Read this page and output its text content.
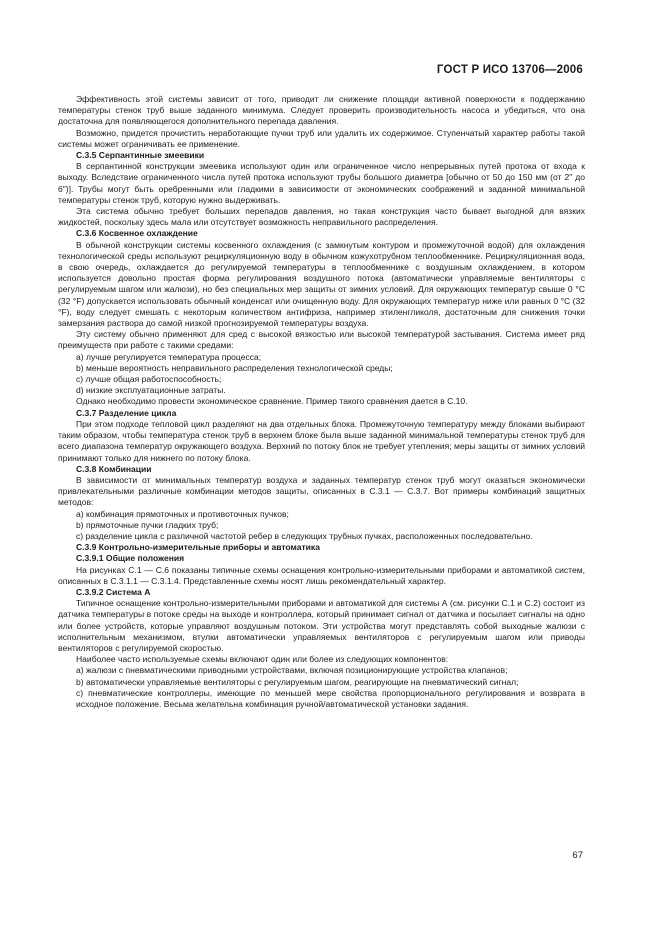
ГОСТ Р ИСО 13706—2006

Эффективность этой системы зависит от того, приводит ли снижение площади активной поверхности к поддержанию температуры стенок труб выше заданного минимума. Следует проверить производительность насоса и убедиться, что она достаточна для появляющегося дополнительного перепада давления.

Возможно, придется прочистить неработающие пучки труб или удалить их содержимое. Ступенчатый характер работы такой системы может ограничивать ее применение.

С.3.5 Серпантинные змеевики

В серпантинной конструкции змеевика используют один или ограниченное число непрерывных путей протока от входа к выходу. Вследствие ограниченного числа путей протока используют трубы большого диаметра [обычно от 50 до 150 мм (от 2" до 6")]. Трубы могут быть оребренными или гладкими в зависимости от экономических соображений и заданной минимальной температуры стенок труб, которую нужно выдерживать.

Эта система обычно требует больших перепадов давления, но такая конструкция часто бывает выгодной для вязких жидкостей, поскольку здесь мала или отсутствует возможность неправильного распределения.

С.3.6 Косвенное охлаждение

В обычной конструкции системы косвенного охлаждения (с замкнутым контуром и промежуточной водой) для охлаждения технологической среды используют рециркуляционную воду в обычном кожухотрубном теплообменнике. Рециркуляционная вода, в свою очередь, охлаждается до регулируемой температуры в теплообменнике с воздушным охлаждением, в котором используется довольно простая форма регулирования воздушного потока (автоматически управляемые вентиляторы с регулируемым шагом или жалюзи), но без специальных мер защиты от зимних условий. Для окружающих температур свыше 0 °С (32 °F) допускается использовать обычный конденсат или очищенную воду. Для окружающих температур ниже или равных 0 °С (32 °F), воду следует смешать с некоторым количеством антифриза, например этиленгликоля, достаточным для снижения точки замерзания раствора до самой низкой прогнозируемой температуры воздуха.

Эту систему обычно применяют для сред с высокой вязкостью или высокой температурой застывания. Система имеет ряд преимуществ при работе с такими средами:

a) лучше регулируется температура процесса;
b) меньше вероятность неправильного распределения технологической среды;
c) лучше общая работоспособность;
d) низкие эксплуатационные затраты.

Однако необходимо провести экономическое сравнение. Пример такого сравнения дается в С.10.

С.3.7 Разделение цикла

При этом подходе тепловой цикл разделяют на два отдельных блока. Промежуточную температуру между блоками выбирают таким образом, чтобы температура стенок труб в верхнем блоке была выше заданной минимальной температуры стенок труб для всего диапазона температур окружающего воздуха. Верхний по потоку блок не требует утепления; меры защиты от зимних условий принимают только для нижнего по потоку блока.

С.3.8 Комбинации

В зависимости от минимальных температур воздуха и заданных температур стенок труб могут оказаться экономически привлекательными различные комбинации методов защиты, описанных в С.3.1 — С.3.7. Вот примеры комбинаций защитных методов:

a) комбинация прямоточных и противоточных пучков;
b) прямоточные пучки гладких труб;
c) разделение цикла с различной частотой ребер в следующих трубных пучках, расположенных последовательно.
С.3.9 Контрольно-измерительные приборы и автоматика
С.3.9.1 Общие положения

На рисунках С.1 — С.6 показаны типичные схемы оснащения контрольно-измерительными приборами и автоматикой систем, описанных в С.3.1.1 — С.3.1.4. Представленные схемы носят лишь рекомендательный характер.

С.3.9.2 Система А

Типичное оснащение контрольно-измерительными приборами и автоматикой для системы А (см. рисунки С.1 и С.2) состоит из датчика температуры в потоке среды на выходе и контроллера, который принимает сигнал от датчика и посылает сигналы на одно или более устройств, которые управляют воздушным потоком. Эти устройства могут представлять собой выходные жалюзи с исполнительным механизмом, втулки автоматически управляемых вентиляторов с регулируемым шагом или приводы вентиляторов с регулируемой скоростью.

Наиболее часто используемые схемы включают один или более из следующих компонентов:

a) жалюзи с пневматическими приводными устройствами, включая позиционирующие устройства клапанов;
b) автоматически управляемые вентиляторы с регулируемым шагом, реагирующие на пневматический сигнал;
c) пневматические контроллеры, имеющие по меньшей мере свойства пропорционального регулирования и возврата в исходное положение. Весьма желательна комбинация ручной/автоматической установки задания.
67
